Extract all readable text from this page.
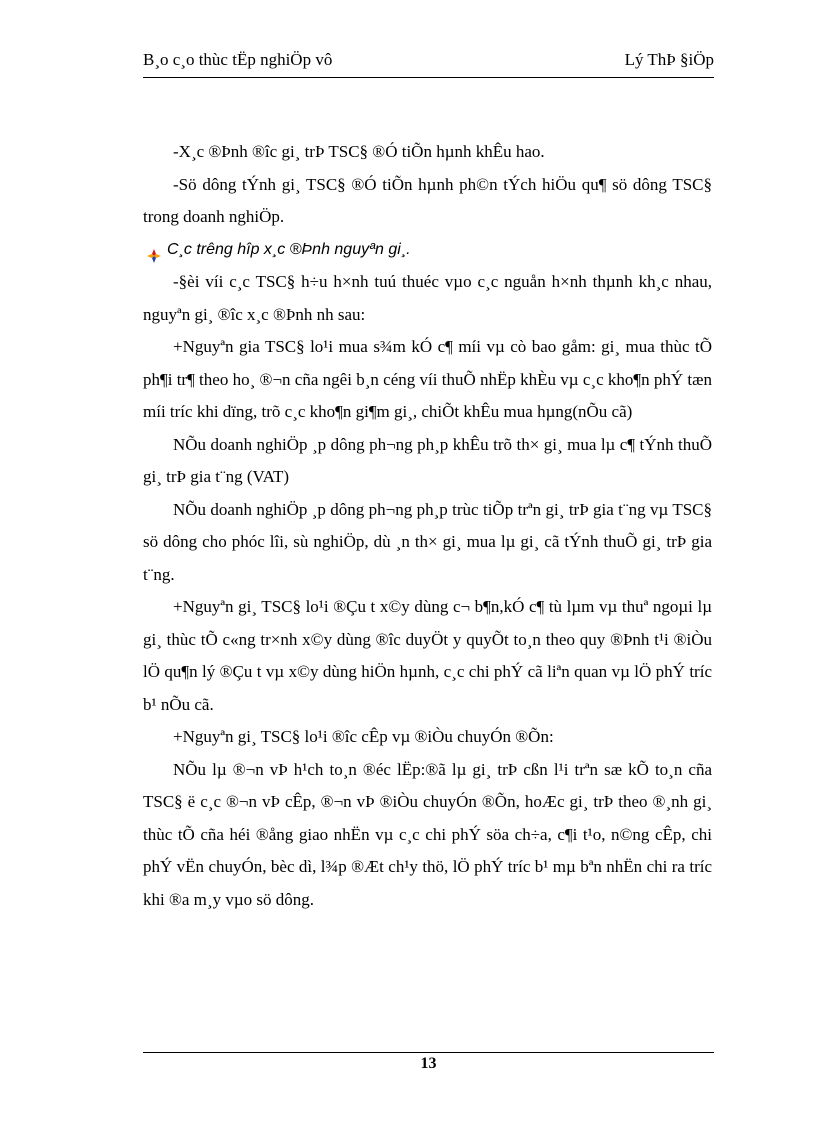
B¸o c¸o thùc tËp nghiÖp vô	Lý ThÞ §iÖp

-X¸c ®Þnh ®îc gi¸ trÞ TSC§ ®Ó tiÕn hµnh khÊu hao.

-Sö dông tÝnh gi¸ TSC§ ®Ó tiÕn hµnh ph©n tÝch hiÖu qu¶ sö dông TSC§ trong doanh nghiÖp.

C¸c trêng hîp x¸c ®Þnh nguyªn gi¸.

-§èi víi c¸c TSC§ h÷u h×nh tuú thuéc vµo c¸c nguån h×nh thµnh kh¸c nhau, nguyªn gi¸ ®îc x¸c ®Þnh nh sau:

+Nguyªn gia TSC§ lo¹i mua s¾m kÓ c¶ míi vµ cò bao gåm: gi¸ mua thùc tÕ ph¶i tr¶ theo ho¸ ®¬n cña ngêi b¸n céng víi thuÕ nhËp khÈu vµ c¸c kho¶n phÝ tæn míi tríc khi dïng, trõ c¸c kho¶n gi¶m gi¸, chiÕt khÊu mua hµng(nÕu cã)

NÕu doanh nghiÖp ¸p dông ph¬ng ph¸p khÊu trõ th× gi¸ mua lµ c¶ tÝnh thuÕ gi¸ trÞ gia t¨ng (VAT)

NÕu doanh nghiÖp ¸p dông ph¬ng ph¸p trùc tiÕp trªn gi¸ trÞ gia t¨ng vµ TSC§ sö dông cho phóc lîi, sù nghiÖp, dù ¸n th× gi¸ mua lµ gi¸ cã tÝnh thuÕ gi¸ trÞ gia t¨ng.

+Nguyªn gi¸ TSC§ lo¹i ®Çu t x©y dùng c¬ b¶n,kÓ c¶ tù lµm vµ thuª ngoµi lµ gi¸ thùc tÕ c«ng tr×nh x©y dùng ®îc duyÖt y quyÕt to¸n theo quy ®Þnh t¹i ®iÒu lÖ qu¶n lý ®Çu t vµ x©y dùng hiÖn hµnh, c¸c chi phÝ cã liªn quan vµ lÖ phÝ tríc b¹ nÕu cã.

+Nguyªn gi¸ TSC§ lo¹i ®îc cÊp vµ ®iÒu chuyÓn ®Õn:

NÕu lµ ®¬n vÞ h¹ch to¸n ®éc lËp:®ã lµ gi¸ trÞ cßn l¹i trªn sæ kÕ to¸n cña TSC§ ë c¸c ®¬n vÞ cÊp, ®¬n vÞ ®iÒu chuyÓn ®Õn, hoÆc gi¸ trÞ theo ®¸nh gi¸ thùc tÕ cña héi ®ång giao nhËn vµ c¸c chi phÝ söa ch÷a, c¶i t¹o, n©ng cÊp, chi phÝ vËn chuyÓn, bèc dì, l¾p ®Æt ch¹y thö, lÖ phÝ tríc b¹ mµ bªn nhËn chi ra tríc khi ®a m¸y vµo sö dông.

13
